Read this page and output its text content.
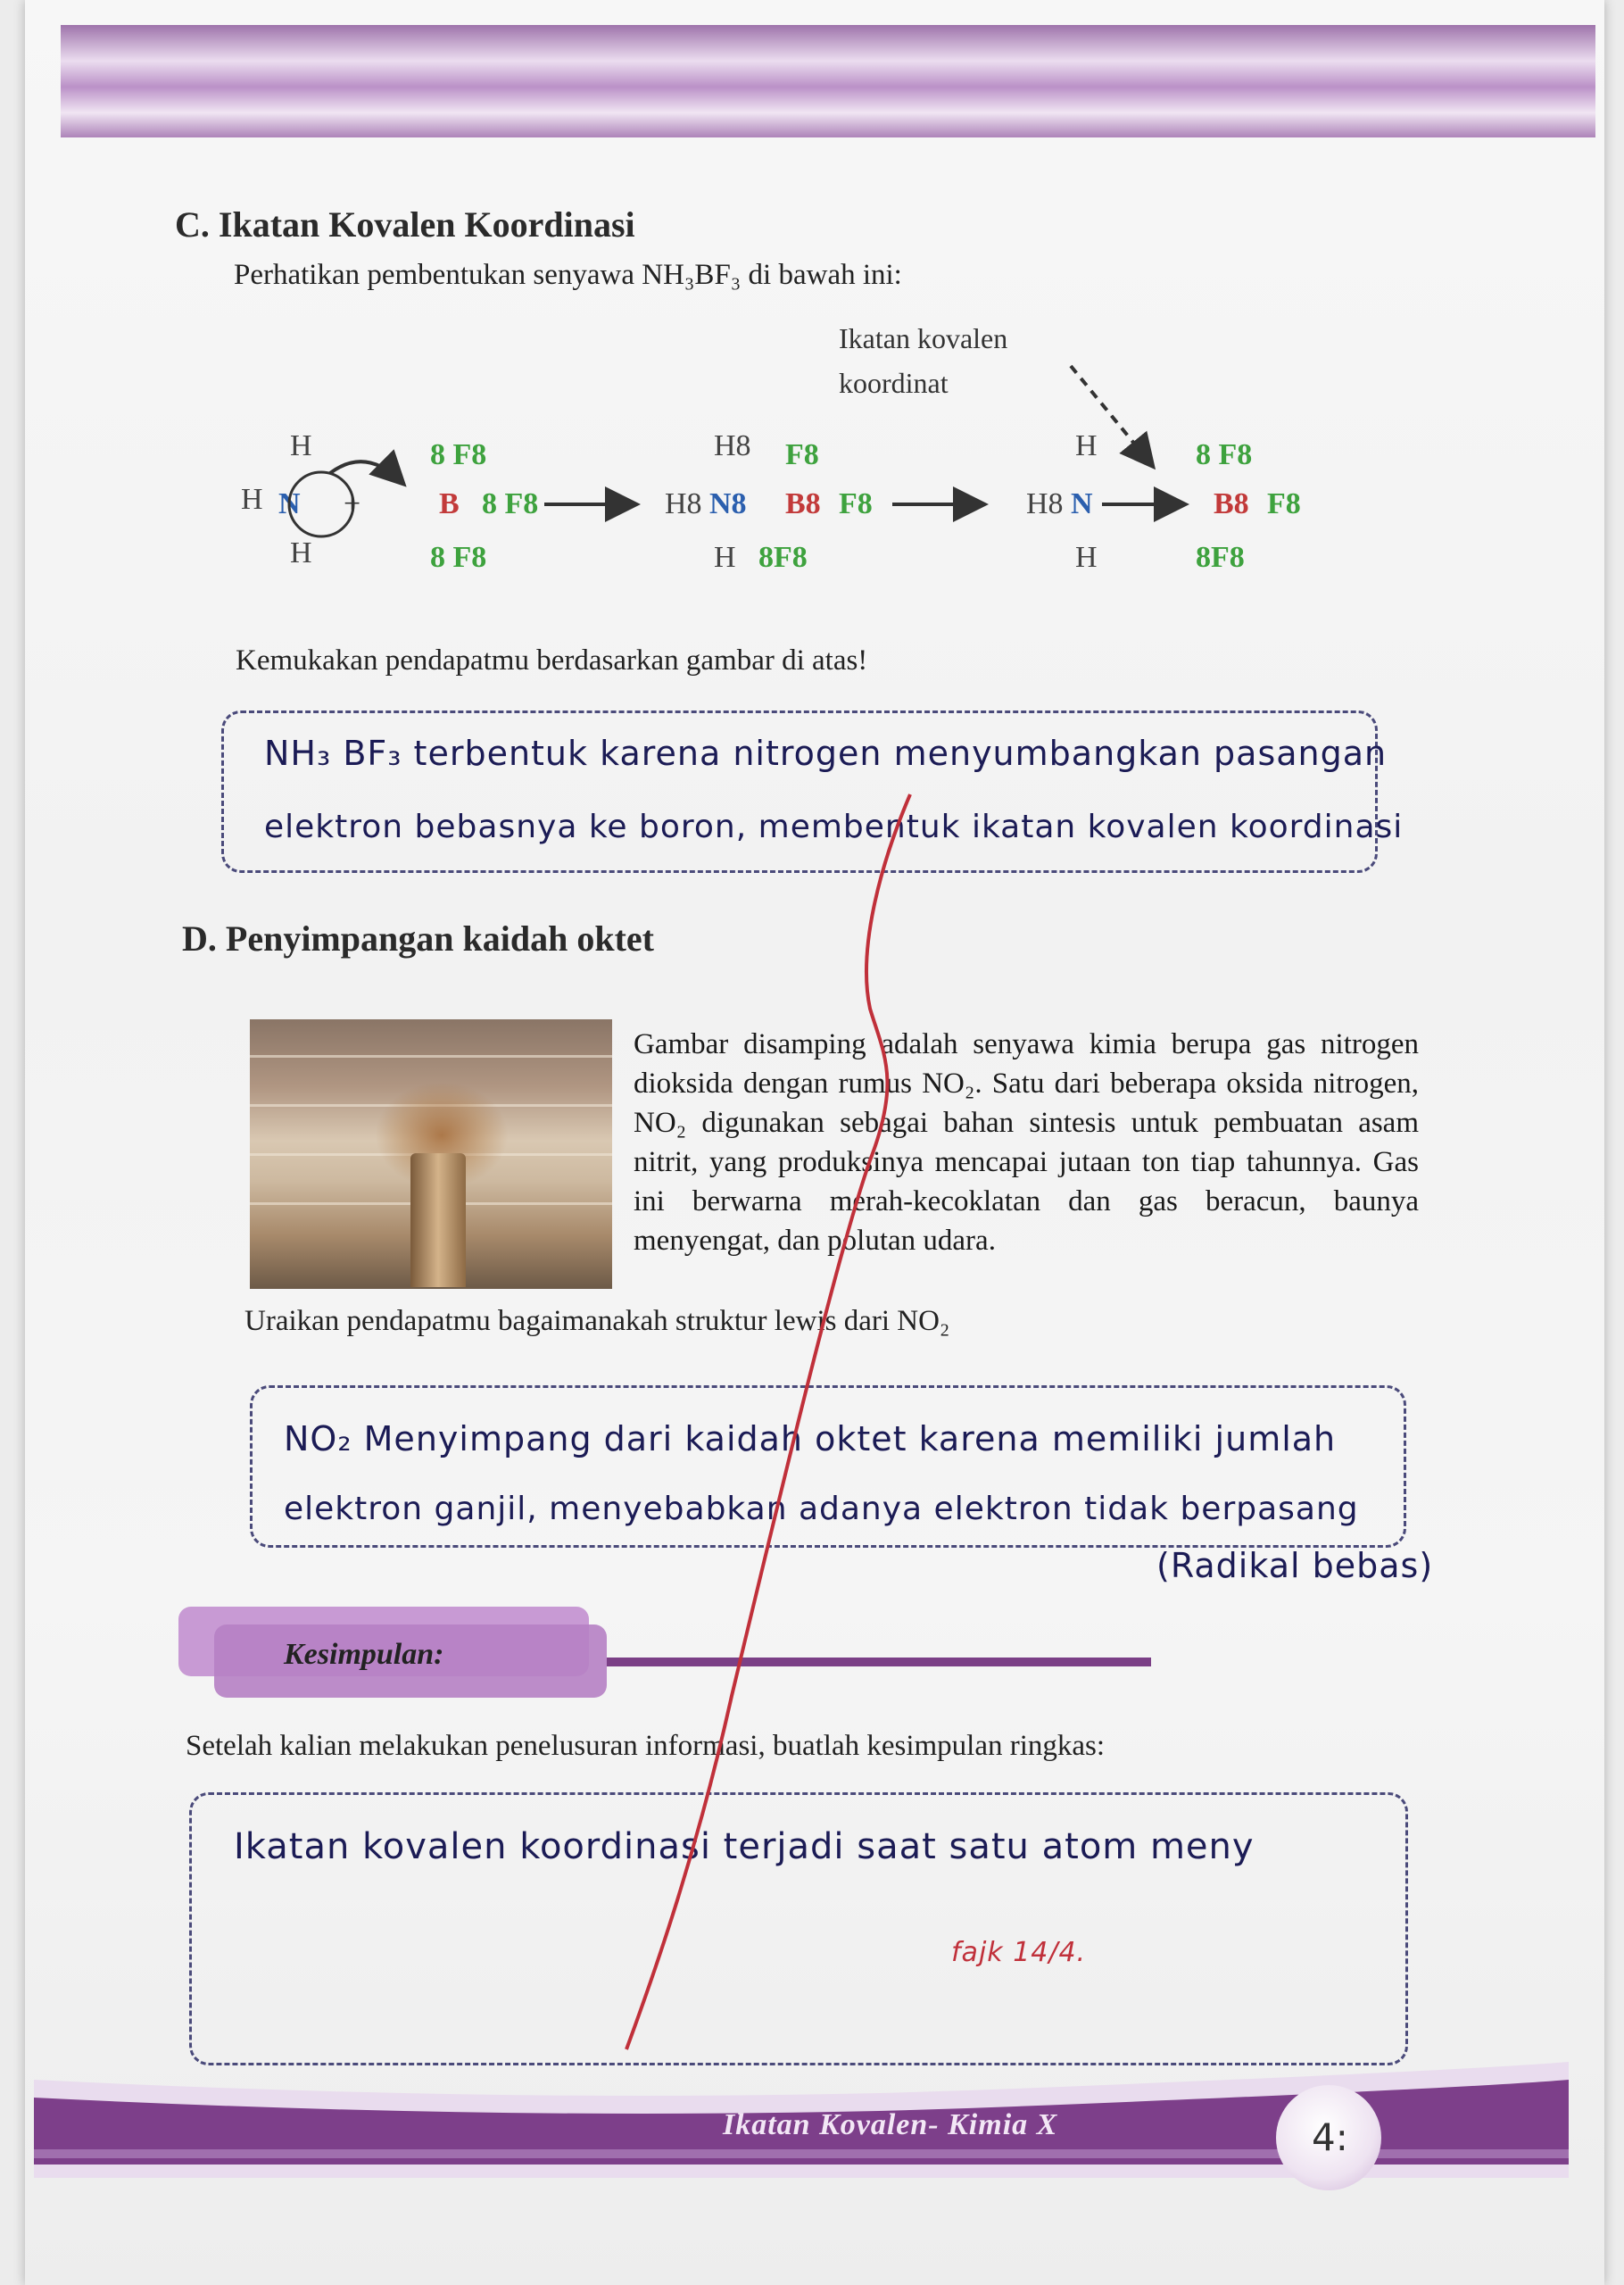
C. Ikatan Kovalen Koordinasi
Perhatikan pembentukan senyawa NH₃BF₃ di bawah ini:
Ikatan kovalen
koordinat
H
H N
H
+
8 F8
B 8 F8
8 F8
H8
H8 N8
H
F8
B8 F8
8F8
H
H8 N
H
8 F8
B8 F8
8F8
Kemukakan pendapatmu berdasarkan gambar di atas!
NH₃ BF₃ terbentuk karena nitrogen menyumbangkan pasangan
elektron bebasnya ke boron, membentuk ikatan kovalen koordinasi
D. Penyimpangan kaidah oktet
Gambar disamping adalah senyawa kimia berupa gas nitrogen dioksida dengan rumus NO₂. Satu dari beberapa oksida nitrogen, NO₂ digunakan sebagai bahan sintesis untuk pembuatan asam nitrit, yang produksinya mencapai jutaan ton tiap tahunnya. Gas ini berwarna merah-kecoklatan dan gas beracun, baunya menyengat, dan polutan udara.
Uraikan pendapatmu bagaimanakah struktur lewis dari NO₂
NO₂ Menyimpang dari kaidah oktet karena memiliki jumlah
elektron ganjil, menyebabkan adanya elektron tidak berpasang
(Radikal bebas)
Kesimpulan:
Setelah kalian melakukan penelusuran informasi, buatlah kesimpulan ringkas:
Ikatan kovalen koordinasi terjadi saat satu atom meny
fajk 14/4.
Ikatan Kovalen- Kimia X	4:
